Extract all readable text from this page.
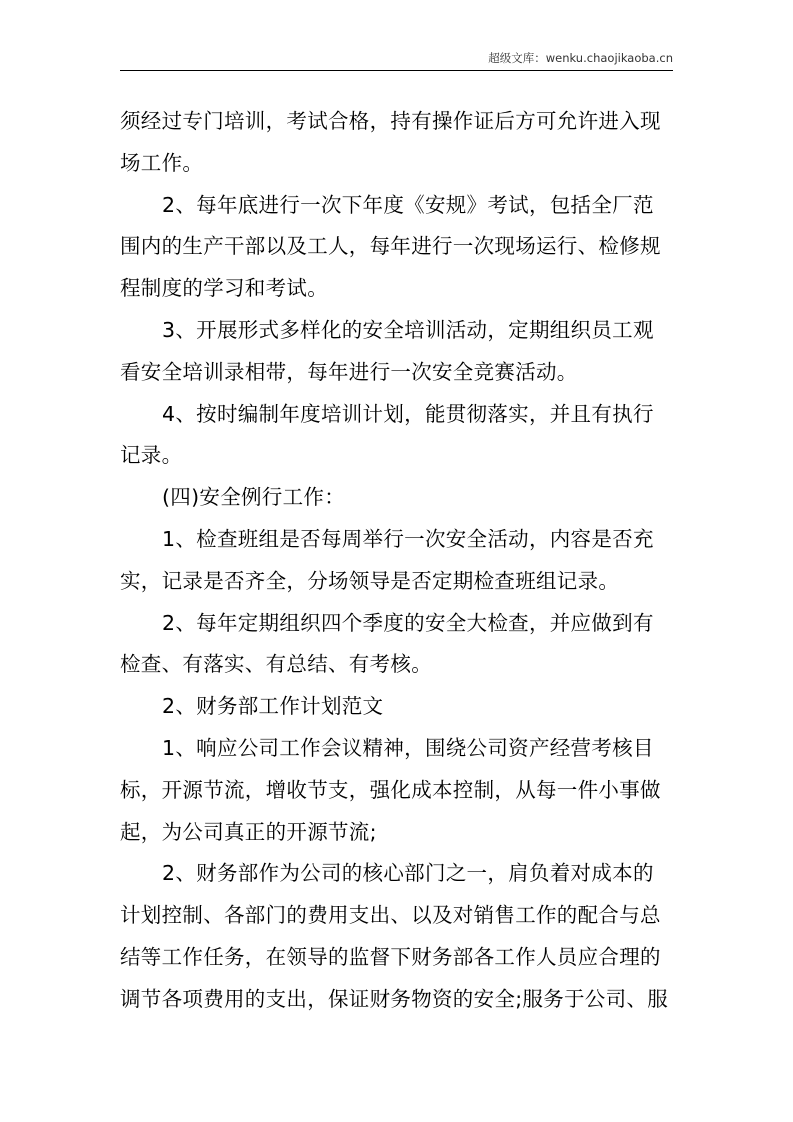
超级文库：wenku.chaojikaoba.cn
须经过专门培训，考试合格，持有操作证后方可允许进入现
场工作。
2、每年底进行一次下年度《安规》考试，包括全厂范
围内的生产干部以及工人，每年进行一次现场运行、检修规
程制度的学习和考试。
3、开展形式多样化的安全培训活动，定期组织员工观
看安全培训录相带，每年进行一次安全竞赛活动。
4、按时编制年度培训计划，能贯彻落实，并且有执行
记录。
(四)安全例行工作：
1、检查班组是否每周举行一次安全活动，内容是否充
实，记录是否齐全，分场领导是否定期检查班组记录。
2、每年定期组织四个季度的安全大检查，并应做到有
检查、有落实、有总结、有考核。
2、财务部工作计划范文
1、响应公司工作会议精神，围绕公司资产经营考核目
标，开源节流，增收节支，强化成本控制，从每一件小事做
起，为公司真正的开源节流;
2、财务部作为公司的核心部门之一，肩负着对成本的
计划控制、各部门的费用支出、以及对销售工作的配合与总
结等工作任务，在领导的监督下财务部各工作人员应合理的
调节各项费用的支出，保证财务物资的安全;服务于公司、服
